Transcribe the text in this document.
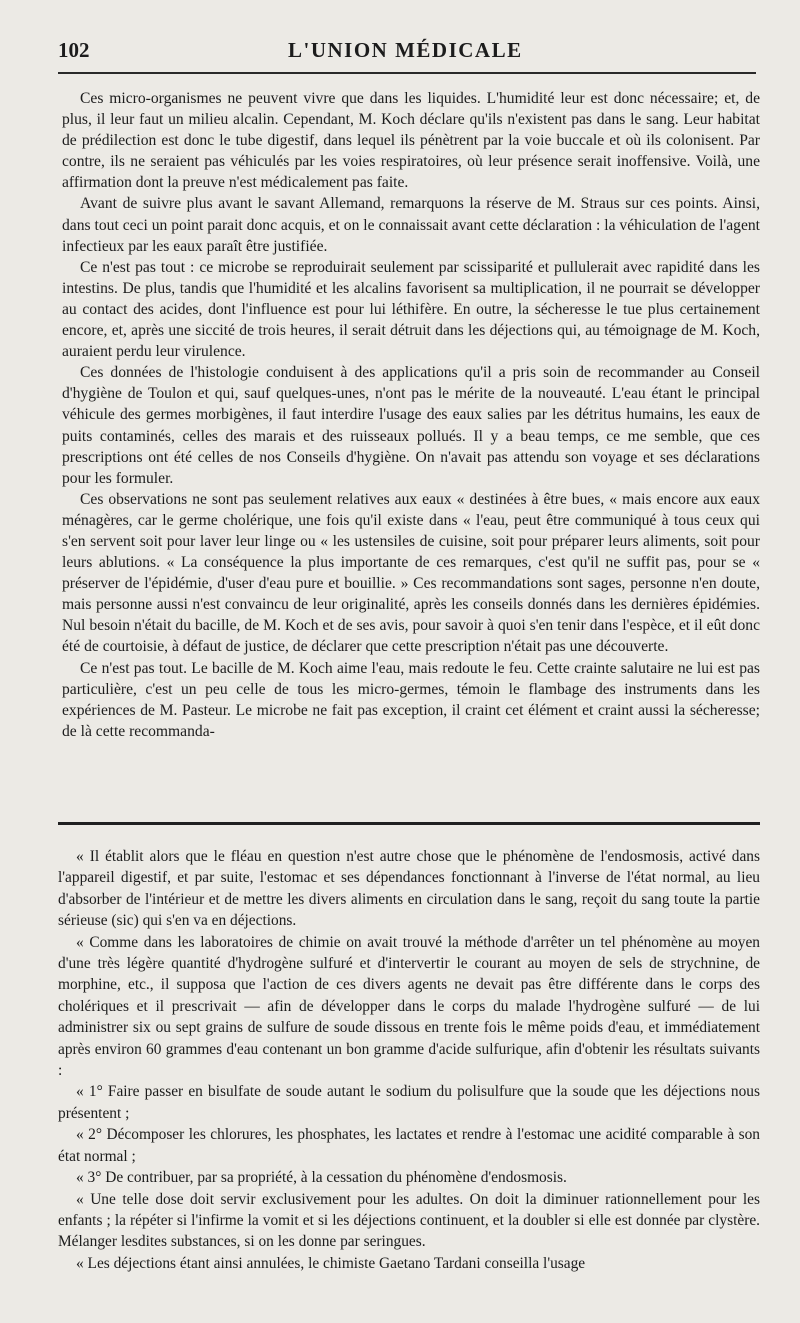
102	L'UNION MÉDICALE

Ces micro-organismes ne peuvent vivre que dans les liquides. L'humidité leur est donc nécessaire; et, de plus, il leur faut un milieu alcalin. Cependant, M. Koch déclare qu'ils n'existent pas dans le sang. Leur habitat de prédilection est donc le tube digestif, dans lequel ils pénètrent par la voie buccale et où ils colonisent. Par contre, ils ne seraient pas véhiculés par les voies respiratoires, où leur présence serait inoffensive. Voilà, une affirmation dont la preuve n'est médicalement pas faite.

Avant de suivre plus avant le savant Allemand, remarquons la réserve de M. Straus sur ces points. Ainsi, dans tout ceci un point parait donc acquis, et on le connaissait avant cette déclaration : la véhiculation de l'agent infectieux par les eaux paraît être justifiée.

Ce n'est pas tout : ce microbe se reproduirait seulement par scissiparité et pullulerait avec rapidité dans les intestins. De plus, tandis que l'humidité et les alcalins favorisent sa multiplication, il ne pourrait se développer au contact des acides, dont l'influence est pour lui léthifère. En outre, la sécheresse le tue plus certainement encore, et, après une siccité de trois heures, il serait détruit dans les déjections qui, au témoignage de M. Koch, auraient perdu leur virulence.

Ces données de l'histologie conduisent à des applications qu'il a pris soin de recommander au Conseil d'hygiène de Toulon et qui, sauf quelques-unes, n'ont pas le mérite de la nouveauté. L'eau étant le principal véhicule des germes morbigènes, il faut interdire l'usage des eaux salies par les détritus humains, les eaux de puits contaminés, celles des marais et des ruisseaux pollués. Il y a beau temps, ce me semble, que ces prescriptions ont été celles de nos Conseils d'hygiène. On n'avait pas attendu son voyage et ses déclarations pour les formuler.

Ces observations ne sont pas seulement relatives aux eaux « destinées à être bues, « mais encore aux eaux ménagères, car le germe cholérique, une fois qu'il existe dans « l'eau, peut être communiqué à tous ceux qui s'en servent soit pour laver leur linge ou « les ustensiles de cuisine, soit pour préparer leurs aliments, soit pour leurs ablutions. « La conséquence la plus importante de ces remarques, c'est qu'il ne suffit pas, pour se « préserver de l'épidémie, d'user d'eau pure et bouillie. » Ces recommandations sont sages, personne n'en doute, mais personne aussi n'est convaincu de leur originalité, après les conseils donnés dans les dernières épidémies. Nul besoin n'était du bacille, de M. Koch et de ses avis, pour savoir à quoi s'en tenir dans l'espèce, et il eût donc été de courtoisie, à défaut de justice, de déclarer que cette prescription n'était pas une découverte.

Ce n'est pas tout. Le bacille de M. Koch aime l'eau, mais redoute le feu. Cette crainte salutaire ne lui est pas particulière, c'est un peu celle de tous les micro-germes, témoin le flambage des instruments dans les expériences de M. Pasteur. Le microbe ne fait pas exception, il craint cet élément et craint aussi la sécheresse; de là cette recommanda-

« Il établit alors que le fléau en question n'est autre chose que le phénomène de l'endosmosis, activé dans l'appareil digestif, et par suite, l'estomac et ses dépendances fonctionnant à l'inverse de l'état normal, au lieu d'absorber de l'intérieur et de mettre les divers aliments en circulation dans le sang, reçoit du sang toute la partie sérieuse (sic) qui s'en va en déjections.

« Comme dans les laboratoires de chimie on avait trouvé la méthode d'arrêter un tel phénomène au moyen d'une très légère quantité d'hydrogène sulfuré et d'intervertir le courant au moyen de sels de strychnine, de morphine, etc., il supposa que l'action de ces divers agents ne devait pas être différente dans le corps des cholériques et il prescrivait — afin de développer dans le corps du malade l'hydrogène sulfuré — de lui administrer six ou sept grains de sulfure de soude dissous en trente fois le même poids d'eau, et immédiatement après environ 60 grammes d'eau contenant un bon gramme d'acide sulfurique, afin d'obtenir les résultats suivants :

« 1° Faire passer en bisulfate de soude autant le sodium du polisulfure que la soude que les déjections nous présentent ;

« 2° Décomposer les chlorures, les phosphates, les lactates et rendre à l'estomac une acidité comparable à son état normal ;

« 3° De contribuer, par sa propriété, à la cessation du phénomène d'endosmosis.

« Une telle dose doit servir exclusivement pour les adultes. On doit la diminuer rationnellement pour les enfants ; la répéter si l'infirme la vomit et si les déjections continuent, et la doubler si elle est donnée par clystère. Mélanger lesdites substances, si on les donne par seringues.

« Les déjections étant ainsi annulées, le chimiste Gaetano Tardani conseilla l'usage
